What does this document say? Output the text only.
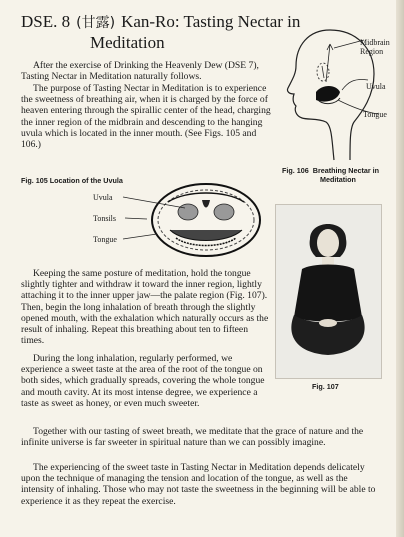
DSE. 8 (甘露) Kan-Ro: Tasting Nectar in
Meditation

After the exercise of Drinking the Heavenly Dew (DSE 7), Tasting Nectar in Meditation naturally follows.

The purpose of Tasting Nectar in Meditation is to experience the sweetness of breathing air, when it is charged by the force of heaven entering through the spirallic center of the head, charging the inner region of the midbrain and descending to the hanging uvula which is located in the inner mouth. (See Figs. 105 and 106.)

Midbrain
Region
Uvula
Tongue
Fig. 106 Breathing Nectar in
Meditation
Fig. 105 Location of the Uvula
Uvula
Tonsils
Tongue
Fig. 107

Keeping the same posture of meditation, hold the tongue slightly tighter and withdraw it toward the inner region, lightly attaching it to the inner upper jaw—the palate region (Fig. 107). Then, begin the long inhalation of breath through the slightly opened mouth, with the exhalation which naturally occurs as the result of inhaling. Repeat this breathing about ten to fifteen times.

During the long inhalation, regularly performed, we experience a sweet taste at the area of the root of the tongue on both sides, which gradually spreads, covering the whole tongue and mouth cavity. At its most intense degree, we experience a taste as sweet as honey, or even much sweeter.

Together with our tasting of sweet breath, we meditate that the grace of nature and the infinite universe is far sweeter in spiritual nature than we can possibly imagine.

The experiencing of the sweet taste in Tasting Nectar in Meditation depends delicately upon the technique of managing the tension and location of the tongue, as well as the intensity of inhaling. Those who may not taste the sweetness in the beginning will be able to experience it as they repeat the exercise.
